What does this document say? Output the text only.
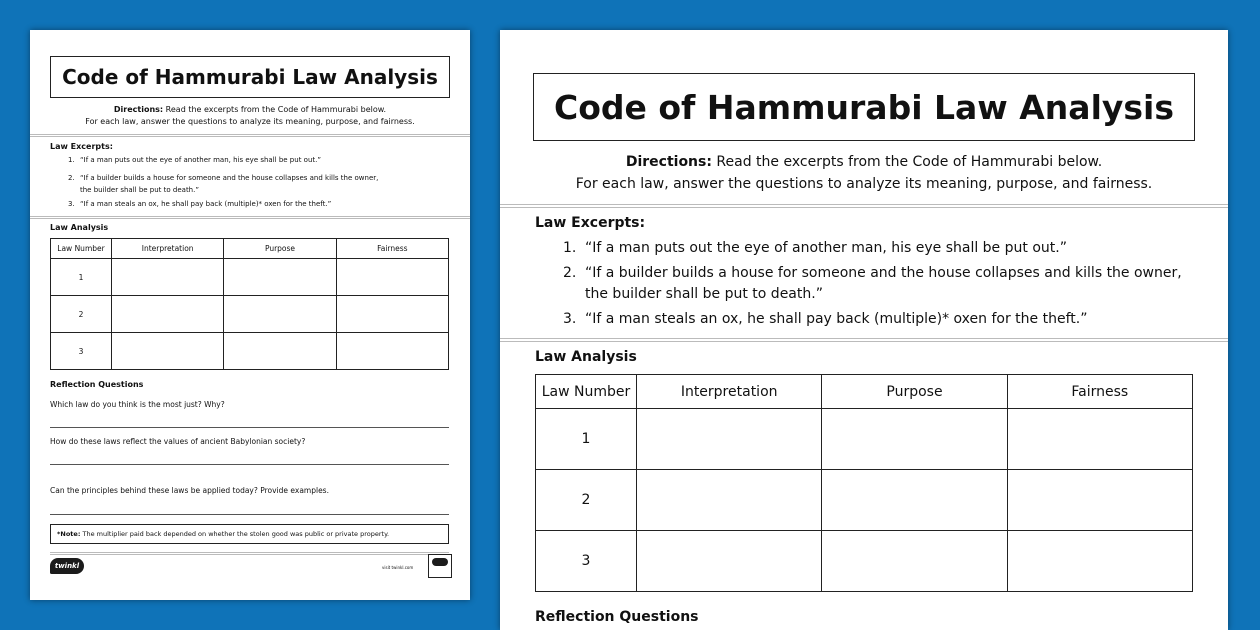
Code of Hammurabi Law Analysis
Directions: Read the excerpts from the Code of Hammurabi below.
For each law, answer the questions to analyze its meaning, purpose, and fairness.
Law Excerpts:
1. “If a man puts out the eye of another man, his eye shall be put out.”
2. “If a builder builds a house for someone and the house collapses and kills the owner,
the builder shall be put to death.”
3. “If a man steals an ox, he shall pay back (multiple)* oxen for the theft.”
Law Analysis
Law Number	Interpretation	Purpose	Fairness
1			
2			
3			
Reflection Questions
Which law do you think is the most just? Why?
How do these laws reflect the values of ancient Babylonian society?
Can the principles behind these laws be applied today? Provide examples.
*Note:
The multiplier paid back depended on whether the stolen good was public or private property.
twinkl	visit twinkl.com
Code of Hammurabi Law Analysis
Directions: Read the excerpts from the Code of Hammurabi below.
For each law, answer the questions to analyze its meaning, purpose, and fairness.
Law Excerpts:
1. “If a man puts out the eye of another man, his eye shall be put out.”
2. “If a builder builds a house for someone and the house collapses and kills the owner,
the builder shall be put to death.”
3. “If a man steals an ox, he shall pay back (multiple)* oxen for the theft.”
Law Analysis
Law Number	Interpretation	Purpose	Fairness
1			
2			
3			
Reflection Questions
